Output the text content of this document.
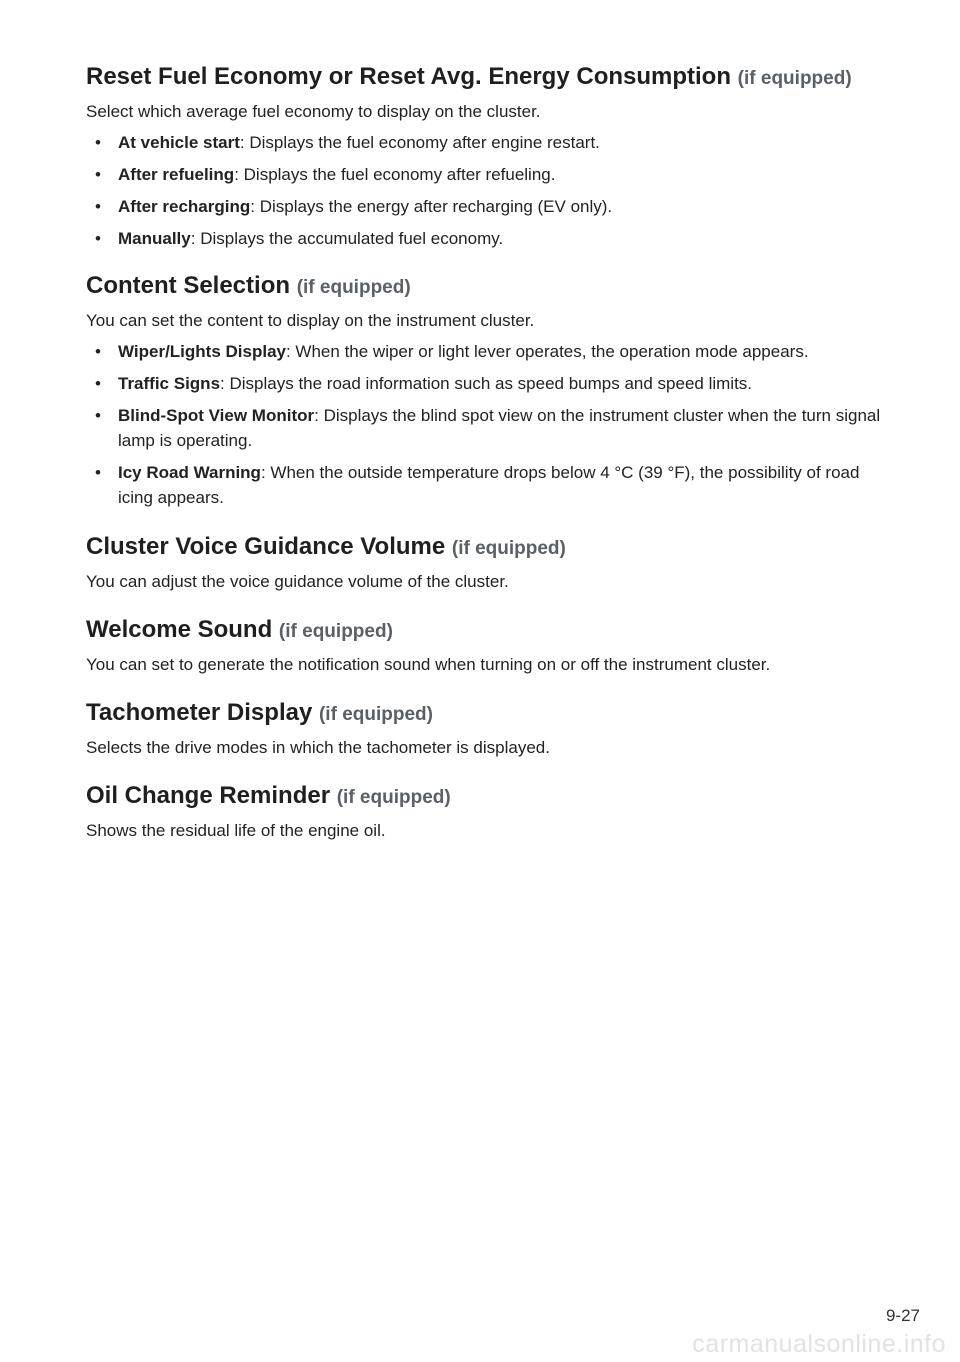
Reset Fuel Economy or Reset Avg. Energy Consumption (if equipped)

Select which average fuel economy to display on the cluster.

• At vehicle start: Displays the fuel economy after engine restart.
• After refueling: Displays the fuel economy after refueling.
• After recharging: Displays the energy after recharging (EV only).
• Manually: Displays the accumulated fuel economy.
Content Selection (if equipped)

You can set the content to display on the instrument cluster.

• Wiper/Lights Display: When the wiper or light lever operates, the operation mode appears.
• Traffic Signs: Displays the road information such as speed bumps and speed limits.
• Blind-Spot View Monitor: Displays the blind spot view on the instrument cluster when the turn signal lamp is operating.
• Icy Road Warning: When the outside temperature drops below 4 °C (39 °F), the possibility of road icing appears.
Cluster Voice Guidance Volume (if equipped)

You can adjust the voice guidance volume of the cluster.

Welcome Sound (if equipped)

You can set to generate the notification sound when turning on or off the instrument cluster.

Tachometer Display (if equipped)

Selects the drive modes in which the tachometer is displayed.

Oil Change Reminder (if equipped)

Shows the residual life of the engine oil.

9-27
carmanualsonline.info
